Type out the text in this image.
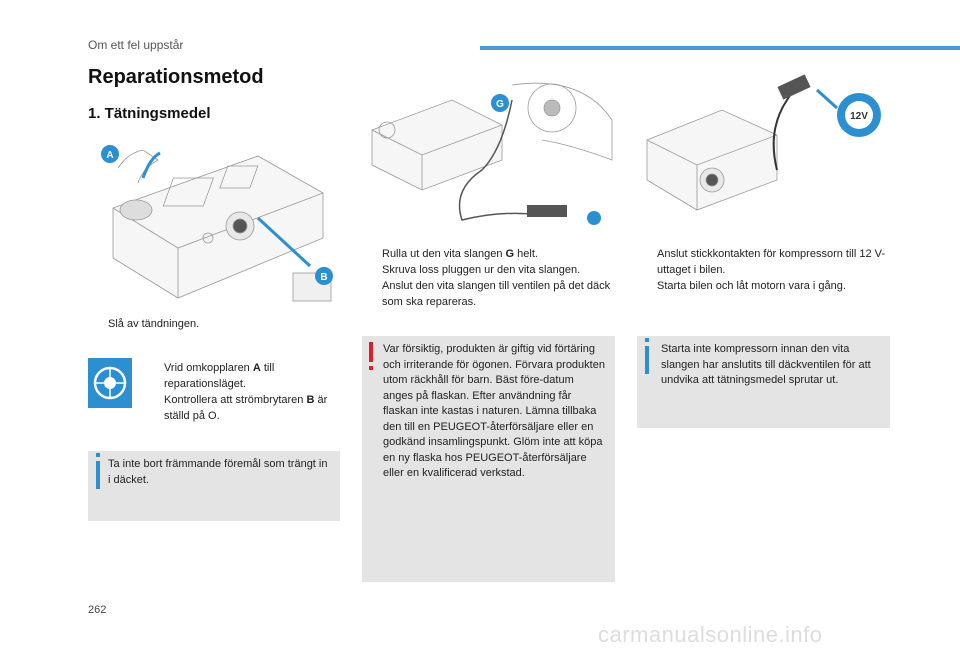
Om ett fel uppstår
Reparationsmetod
1. Tätningsmedel
A
B
G
12V
Slå av tändningen.
Vrid omkopplaren A till reparationsläget.
Kontrollera att strömbrytaren B är ställd på O.
Ta inte bort främmande föremål som trängt in i däcket.
Rulla ut den vita slangen G helt.
Skruva loss pluggen ur den vita slangen.
Anslut den vita slangen till ventilen på det däck som ska repareras.
Var försiktig, produkten är giftig vid förtäring och irriterande för ögonen. Förvara produkten utom räckhåll för barn. Bäst före-datum anges på flaskan. Efter användning får flaskan inte kastas i naturen. Lämna tillbaka den till en PEUGEOT-återförsäljare eller en godkänd insamlingspunkt. Glöm inte att köpa en ny flaska hos PEUGEOT-återförsäljare eller en kvalificerad verkstad.
Anslut stickkontakten för kompressorn till 12 V-uttaget i bilen.
Starta bilen och låt motorn vara i gång.
Starta inte kompressorn innan den vita slangen har anslutits till däckventilen för att undvika att tätningsmedel sprutar ut.
262
carmanualsonline.info
